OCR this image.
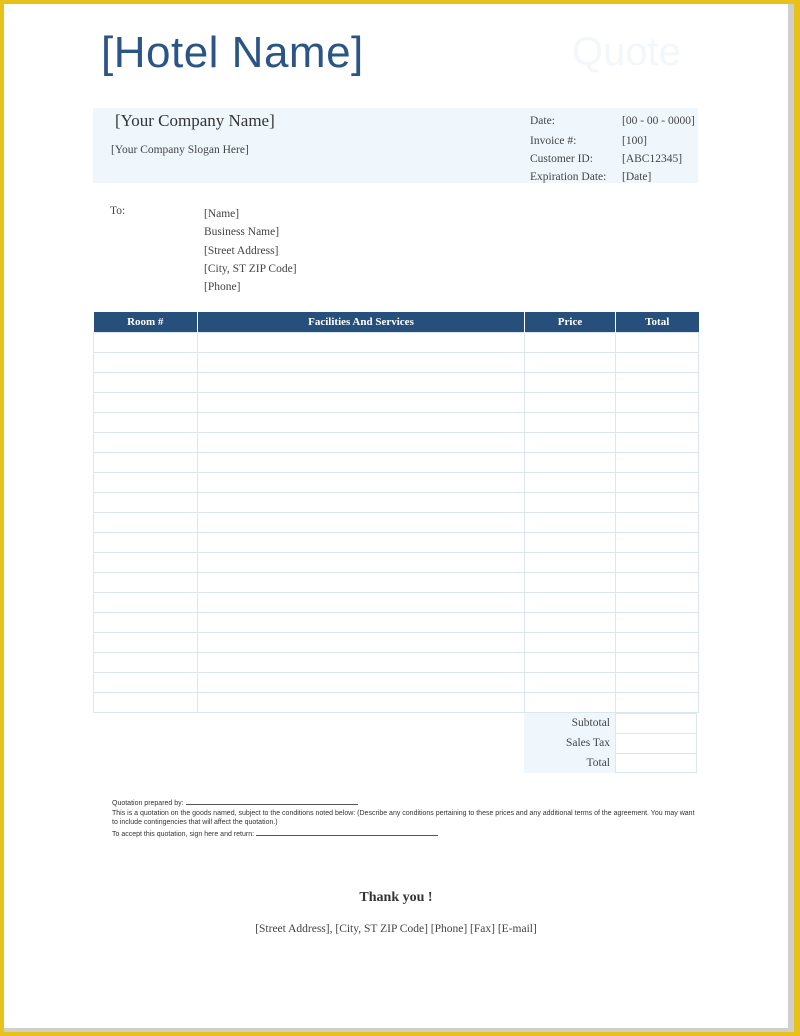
[Hotel Name]	Quote
[Your Company Name]
[Your Company Slogan Here]
Date:	[00 - 00 - 0000]
Invoice #:	[100]
Customer ID:	[ABC12345]
Expiration Date: [Date]
To:	[Name]
Business Name]
[Street Address]
[City, ST ZIP Code]
[Phone]
Room #	Facilities And Services	Price	Total

Subtotal
Sales Tax
Total
Quotation prepared by:
This is a quotation on the goods named, subject to the conditions noted below: (Describe any conditions pertaining to these prices and any additional terms of the agreement. You may want to include contingencies that will affect the quotation.)
To accept this quotation, sign here and return:
Thank you !
[Street Address], [City, ST ZIP Code] [Phone] [Fax] [E-mail]
